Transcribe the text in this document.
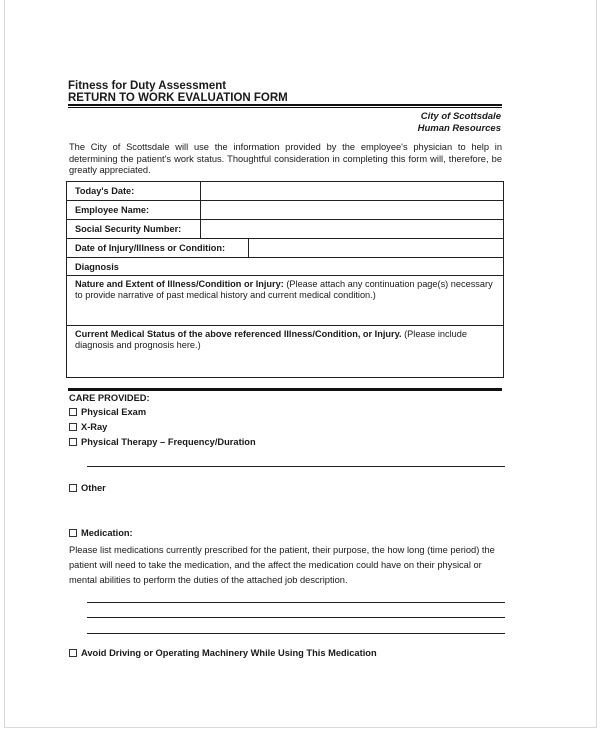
Fitness for Duty Assessment
RETURN TO WORK EVALUATION FORM
City of Scottsdale
Human Resources
The City of Scottsdale will use the information provided by the employee's physician to help in determining the patient's work status. Thoughtful consideration in completing this form will, therefore, be greatly appreciated.
Today's Date:
Employee Name:
Social Security Number:
Date of Injury/Illness or Condition:
Diagnosis
Nature and Extent of Illness/Condition or Injury: (Please attach any continuation page(s) necessary to provide narrative of past medical history and current medical condition.)
Current Medical Status of the above referenced Illness/Condition, or Injury. (Please include diagnosis and prognosis here.)
CARE PROVIDED:
Physical Exam
X-Ray
Physical Therapy – Frequency/Duration
Other
Medication:
Please list medications currently prescribed for the patient, their purpose, the how long (time period) the patient will need to take the medication, and the affect the medication could have on their physical or mental abilities to perform the duties of the attached job description.
Avoid Driving or Operating Machinery While Using This Medication
